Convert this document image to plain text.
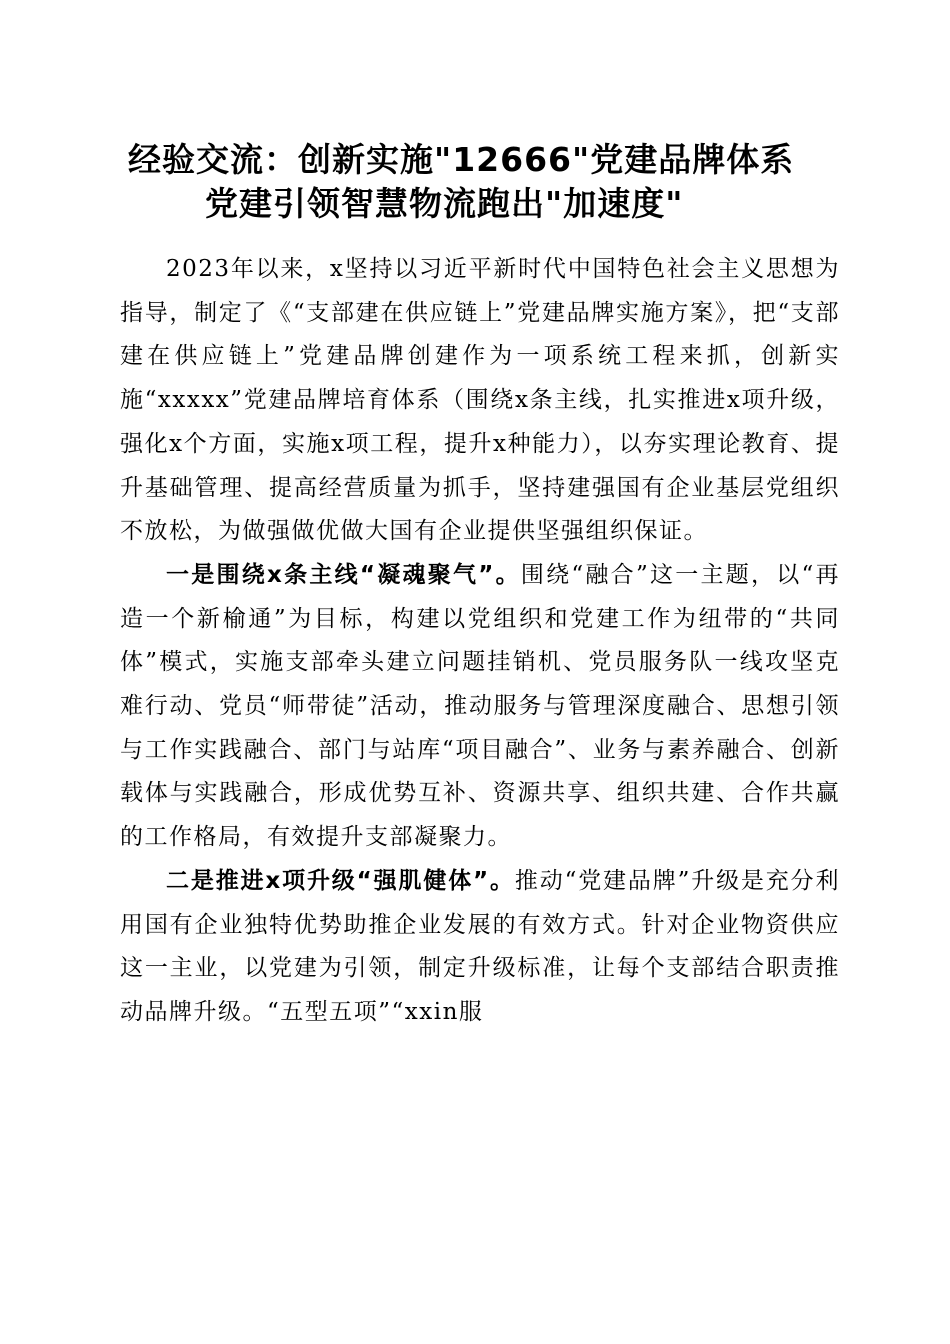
经验交流：创新实施"12666"党建品牌体系
党建引领智慧物流跑出"加速度"

2023年以来，x坚持以习近平新时代中国特色社会主义思想为指导，制定了《“支部建在供应链上”党建品牌实施方案》，把“支部建在供应链上”党建品牌创建作为一项系统工程来抓，创新实施“xxxxx”党建品牌培育体系（围绕x条主线，扎实推进x项升级，强化x个方面，实施x项工程，提升x种能力），以夯实理论教育、提升基础管理、提高经营质量为抓手，坚持建强国有企业基层党组织不放松，为做强做优做大国有企业提供坚强组织保证。

一是围绕x条主线“凝魂聚气”。围绕“融合”这一主题，以“再造一个新榆通”为目标，构建以党组织和党建工作为纽带的“共同体”模式，实施支部牵头建立问题挂销机、党员服务队一线攻坚克难行动、党员“师带徒”活动，推动服务与管理深度融合、思想引领与工作实践融合、部门与站库“项目融合”、业务与素养融合、创新载体与实践融合，形成优势互补、资源共享、组织共建、合作共赢的工作格局，有效提升支部凝聚力。

二是推进x项升级“强肌健体”。推动“党建品牌”升级是充分利用国有企业独特优势助推企业发展的有效方式。针对企业物资供应这一主业，以党建为引领，制定升级标准，让每个支部结合职责推动品牌升级。“五型五项”“xxin服
